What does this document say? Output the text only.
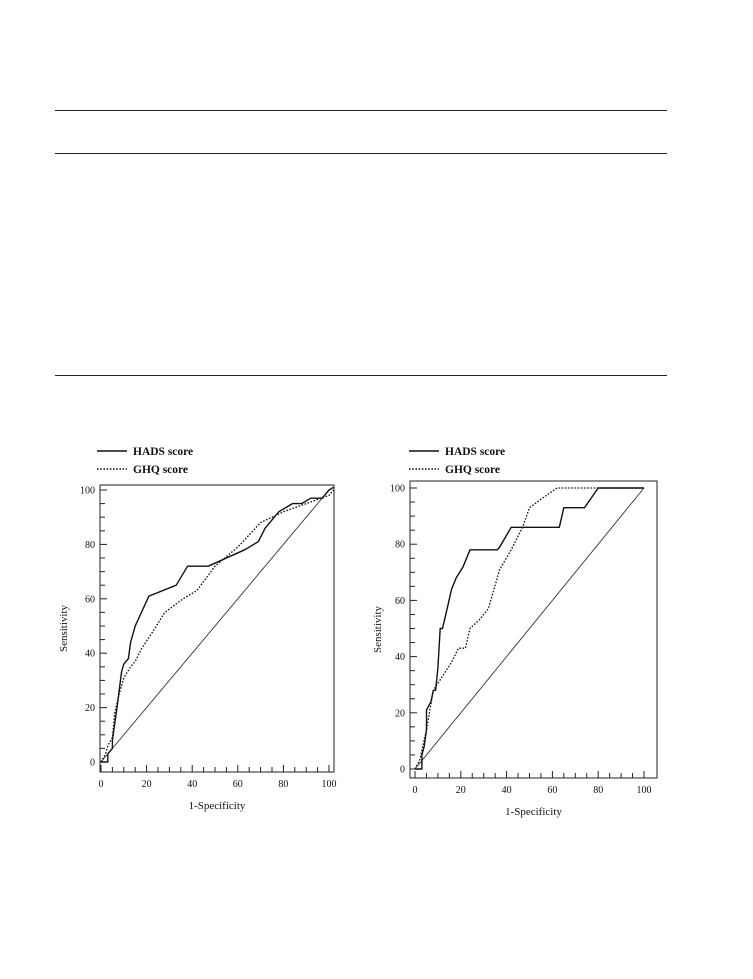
0	20	40	60	80	100
0
20
40
60
80
100
1-Specificity
Sensitivity
HADS score
GHQ score
0	20	40	60	80	100
0
20
40
60
80
100
1-Specificity
Sensitivity
HADS score
GHQ score
